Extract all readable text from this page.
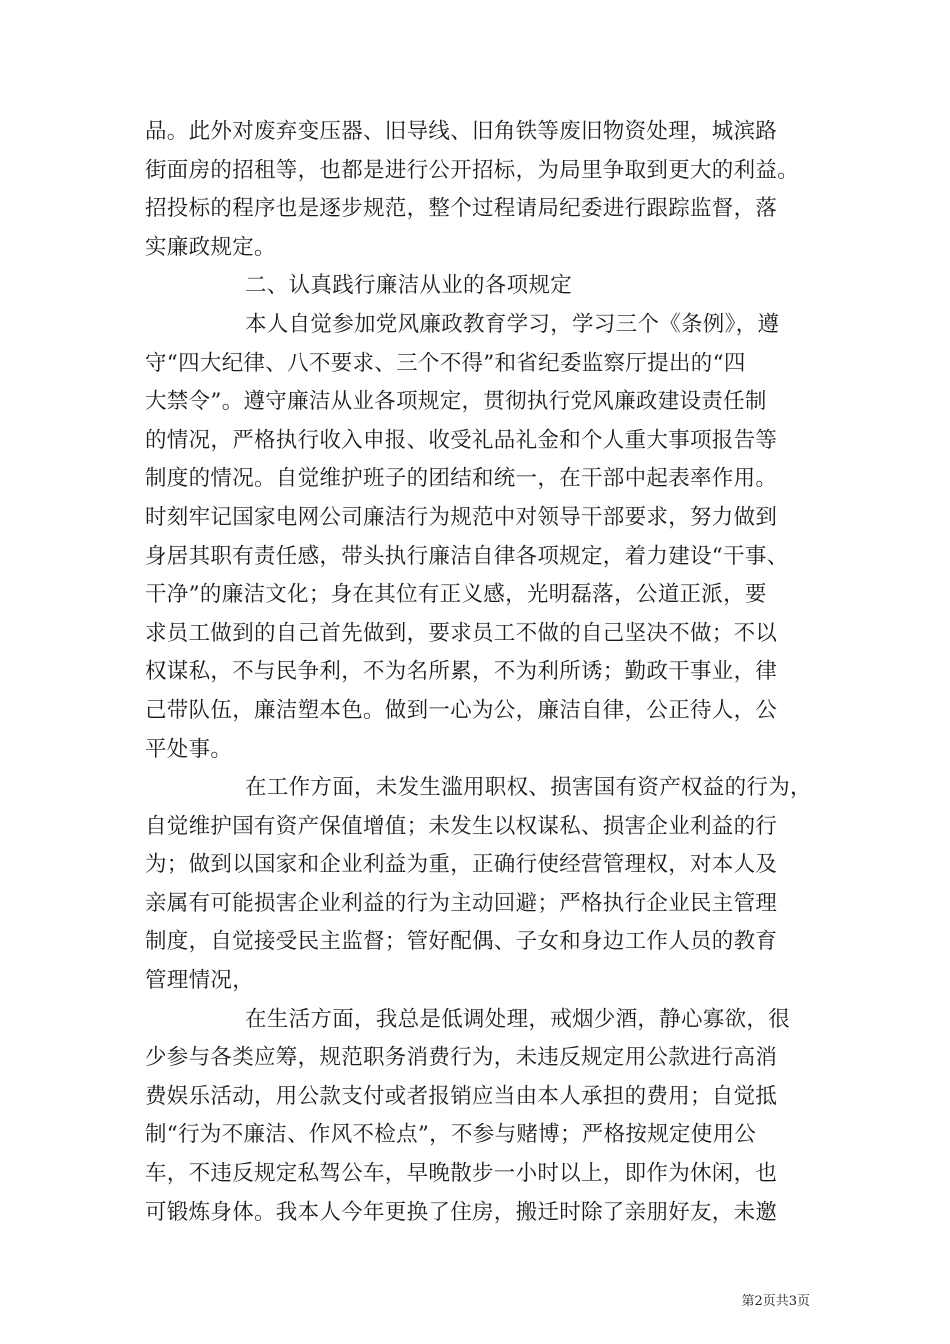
品。此外对废弃变压器、旧导线、旧角铁等废旧物资处理，城滨路
街面房的招租等，也都是进行公开招标，为局里争取到更大的利益。
招投标的程序也是逐步规范，整个过程请局纪委进行跟踪监督，落
实廉政规定。
二、认真践行廉洁从业的各项规定
本人自觉参加党风廉政教育学习，学习三个《条例》，遵
守“四大纪律、八不要求、三个不得”和省纪委监察厅提出的“四
大禁令”。遵守廉洁从业各项规定，贯彻执行党风廉政建设责任制
的情况，严格执行收入申报、收受礼品礼金和个人重大事项报告等
制度的情况。自觉维护班子的团结和统一，在干部中起表率作用。
时刻牢记国家电网公司廉洁行为规范中对领导干部要求，努力做到
身居其职有责任感，带头执行廉洁自律各项规定，着力建设“干事、
干净”的廉洁文化；身在其位有正义感，光明磊落，公道正派，要
求员工做到的自己首先做到，要求员工不做的自己坚决不做；不以
权谋私，不与民争利，不为名所累，不为利所诱；勤政干事业，律
己带队伍，廉洁塑本色。做到一心为公，廉洁自律，公正待人，公
平处事。
在工作方面，未发生滥用职权、损害国有资产权益的行为，
自觉维护国有资产保值增值；未发生以权谋私、损害企业利益的行
为；做到以国家和企业利益为重，正确行使经营管理权，对本人及
亲属有可能损害企业利益的行为主动回避；严格执行企业民主管理
制度，自觉接受民主监督；管好配偶、子女和身边工作人员的教育
管理情况，
在生活方面，我总是低调处理，戒烟少酒，静心寡欲，很
少参与各类应筹，规范职务消费行为，未违反规定用公款进行高消
费娱乐活动，用公款支付或者报销应当由本人承担的费用；自觉抵
制“行为不廉洁、作风不检点”，不参与赌博；严格按规定使用公
车，不违反规定私驾公车，早晚散步一小时以上，即作为休闲，也
可锻炼身体。我本人今年更换了住房，搬迁时除了亲朋好友，未邀
第2页共3页
